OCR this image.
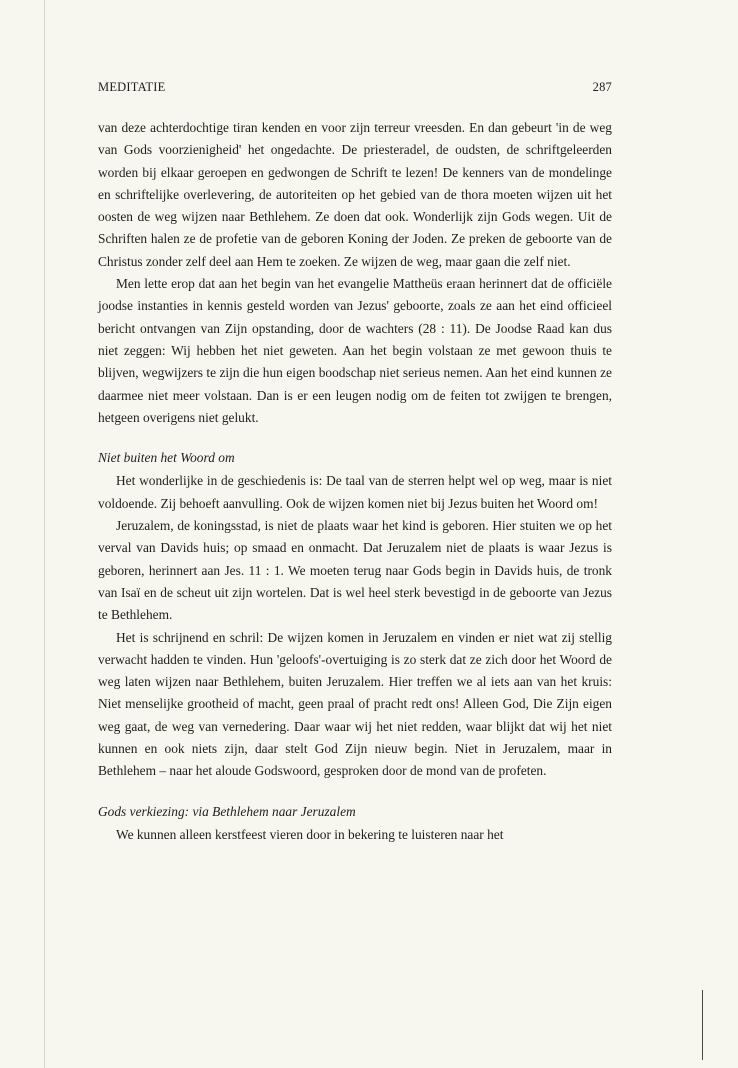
MEDITATIE	287

van deze achterdochtige tiran kenden en voor zijn terreur vreesden. En dan gebeurt 'in de weg van Gods voorzienigheid' het ongedachte. De priesteradel, de oudsten, de schriftgeleerden worden bij elkaar geroepen en gedwongen de Schrift te lezen! De kenners van de mondelinge en schriftelijke overlevering, de autoriteiten op het gebied van de thora moeten wijzen uit het oosten de weg wijzen naar Bethlehem. Ze doen dat ook. Wonderlijk zijn Gods wegen. Uit de Schriften halen ze de profetie van de geboren Koning der Joden. Ze preken de geboorte van de Christus zonder zelf deel aan Hem te zoeken. Ze wijzen de weg, maar gaan die zelf niet.

Men lette erop dat aan het begin van het evangelie Mattheüs eraan herinnert dat de officiële joodse instanties in kennis gesteld worden van Jezus' geboorte, zoals ze aan het eind officieel bericht ontvangen van Zijn opstanding, door de wachters (28 : 11). De Joodse Raad kan dus niet zeggen: Wij hebben het niet geweten. Aan het begin volstaan ze met gewoon thuis te blijven, wegwijzers te zijn die hun eigen boodschap niet serieus nemen. Aan het eind kunnen ze daarmee niet meer volstaan. Dan is er een leugen nodig om de feiten tot zwijgen te brengen, hetgeen overigens niet gelukt.

Niet buiten het Woord om

Het wonderlijke in de geschiedenis is: De taal van de sterren helpt wel op weg, maar is niet voldoende. Zij behoeft aanvulling. Ook de wijzen komen niet bij Jezus buiten het Woord om!

Jeruzalem, de koningsstad, is niet de plaats waar het kind is geboren. Hier stuiten we op het verval van Davids huis; op smaad en onmacht. Dat Jeruzalem niet de plaats is waar Jezus is geboren, herinnert aan Jes. 11 : 1. We moeten terug naar Gods begin in Davids huis, de tronk van Isaï en de scheut uit zijn wortelen. Dat is wel heel sterk bevestigd in de geboorte van Jezus te Bethlehem.

Het is schrijnend en schril: De wijzen komen in Jeruzalem en vinden er niet wat zij stellig verwacht hadden te vinden. Hun 'geloofs'-overtuiging is zo sterk dat ze zich door het Woord de weg laten wijzen naar Bethlehem, buiten Jeruzalem. Hier treffen we al iets aan van het kruis: Niet menselijke grootheid of macht, geen praal of pracht redt ons! Alleen God, Die Zijn eigen weg gaat, de weg van vernedering. Daar waar wij het niet redden, waar blijkt dat wij het niet kunnen en ook niets zijn, daar stelt God Zijn nieuw begin. Niet in Jeruzalem, maar in Bethlehem – naar het aloude Godswoord, gesproken door de mond van de profeten.

Gods verkiezing: via Bethlehem naar Jeruzalem

We kunnen alleen kerstfeest vieren door in bekering te luisteren naar het
